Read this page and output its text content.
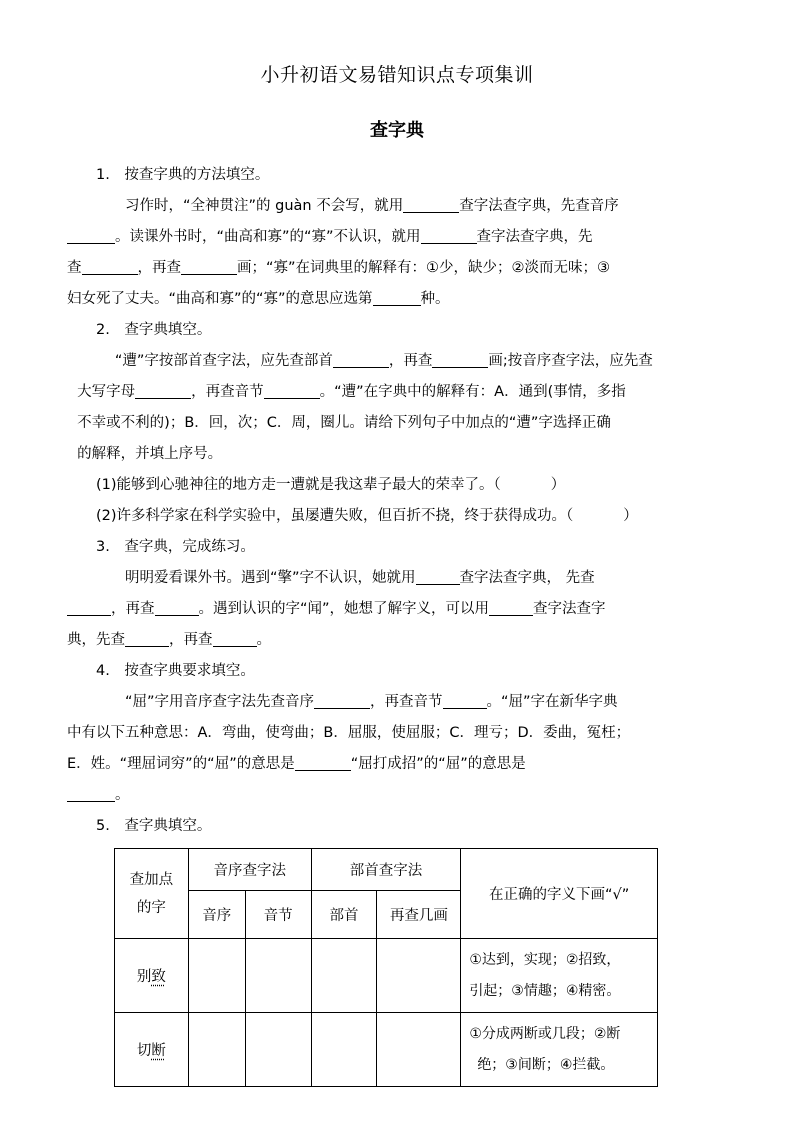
小升初语文易错知识点专项集训
查字典

1.　按查字典的方法填空。

习作时，“全神贯注”的 guàn 不会写，就用	查字法查字典，先查音序
。读课外书时，“曲高和寡”的“寡”不认识，就用	查字法查字典，先
查	，再查	画；“寡”在词典里的解释有：①少，缺少；②淡而无味；③
妇女死了丈夫。“曲高和寡”的“寡”的意思应选第	种。

2.　查字典填空。

“遭”字按部首查字法，应先查部首	，再查	画;按音序查字法，应先查
大写字母	，再查音节	。“遭”在字典中的解释有：A．通到(事情，多指
不幸或不利的)；B．回，次；C．周，圈儿。请给下列句子中加点的“遭”字选择正确
的解释，并填上序号。

(1)能够到心驰神往的地方走一遭就是我这辈子最大的荣幸了。（	）

(2)许多科学家在科学实验中，虽屡遭失败，但百折不挠，终于获得成功。（	）

3.　查字典，完成练习。

明明爱看课外书。遇到“擎”字不认识，她就用	查字法查字典， 先查
，再查	。遇到认识的字“闻”，她想了解字义，可以用	查字法查字
典，先查	，再查	。

4.　按查字典要求填空。

“屈”字用音序查字法先查音序	，再查音节	。“屈”字在新华字典
中有以下五种意思：A．弯曲，使弯曲；B．屈服，使屈服；C．理亏；D．委曲，冤枉；
E．姓。“理屈词穷”的“屈”的意思是	“屈打成招”的“屈”的意思是
。

5.　查字典填空。

查加点
的字	音序查字法		部首查字法		在正确的字义下画“√”
	音序	音节	部首	再查几画	
别致					①达到，实现；②招致，
引起；③情趣；④精密。
切断					①分成两断或几段；②断
绝；③间断；④拦截。
